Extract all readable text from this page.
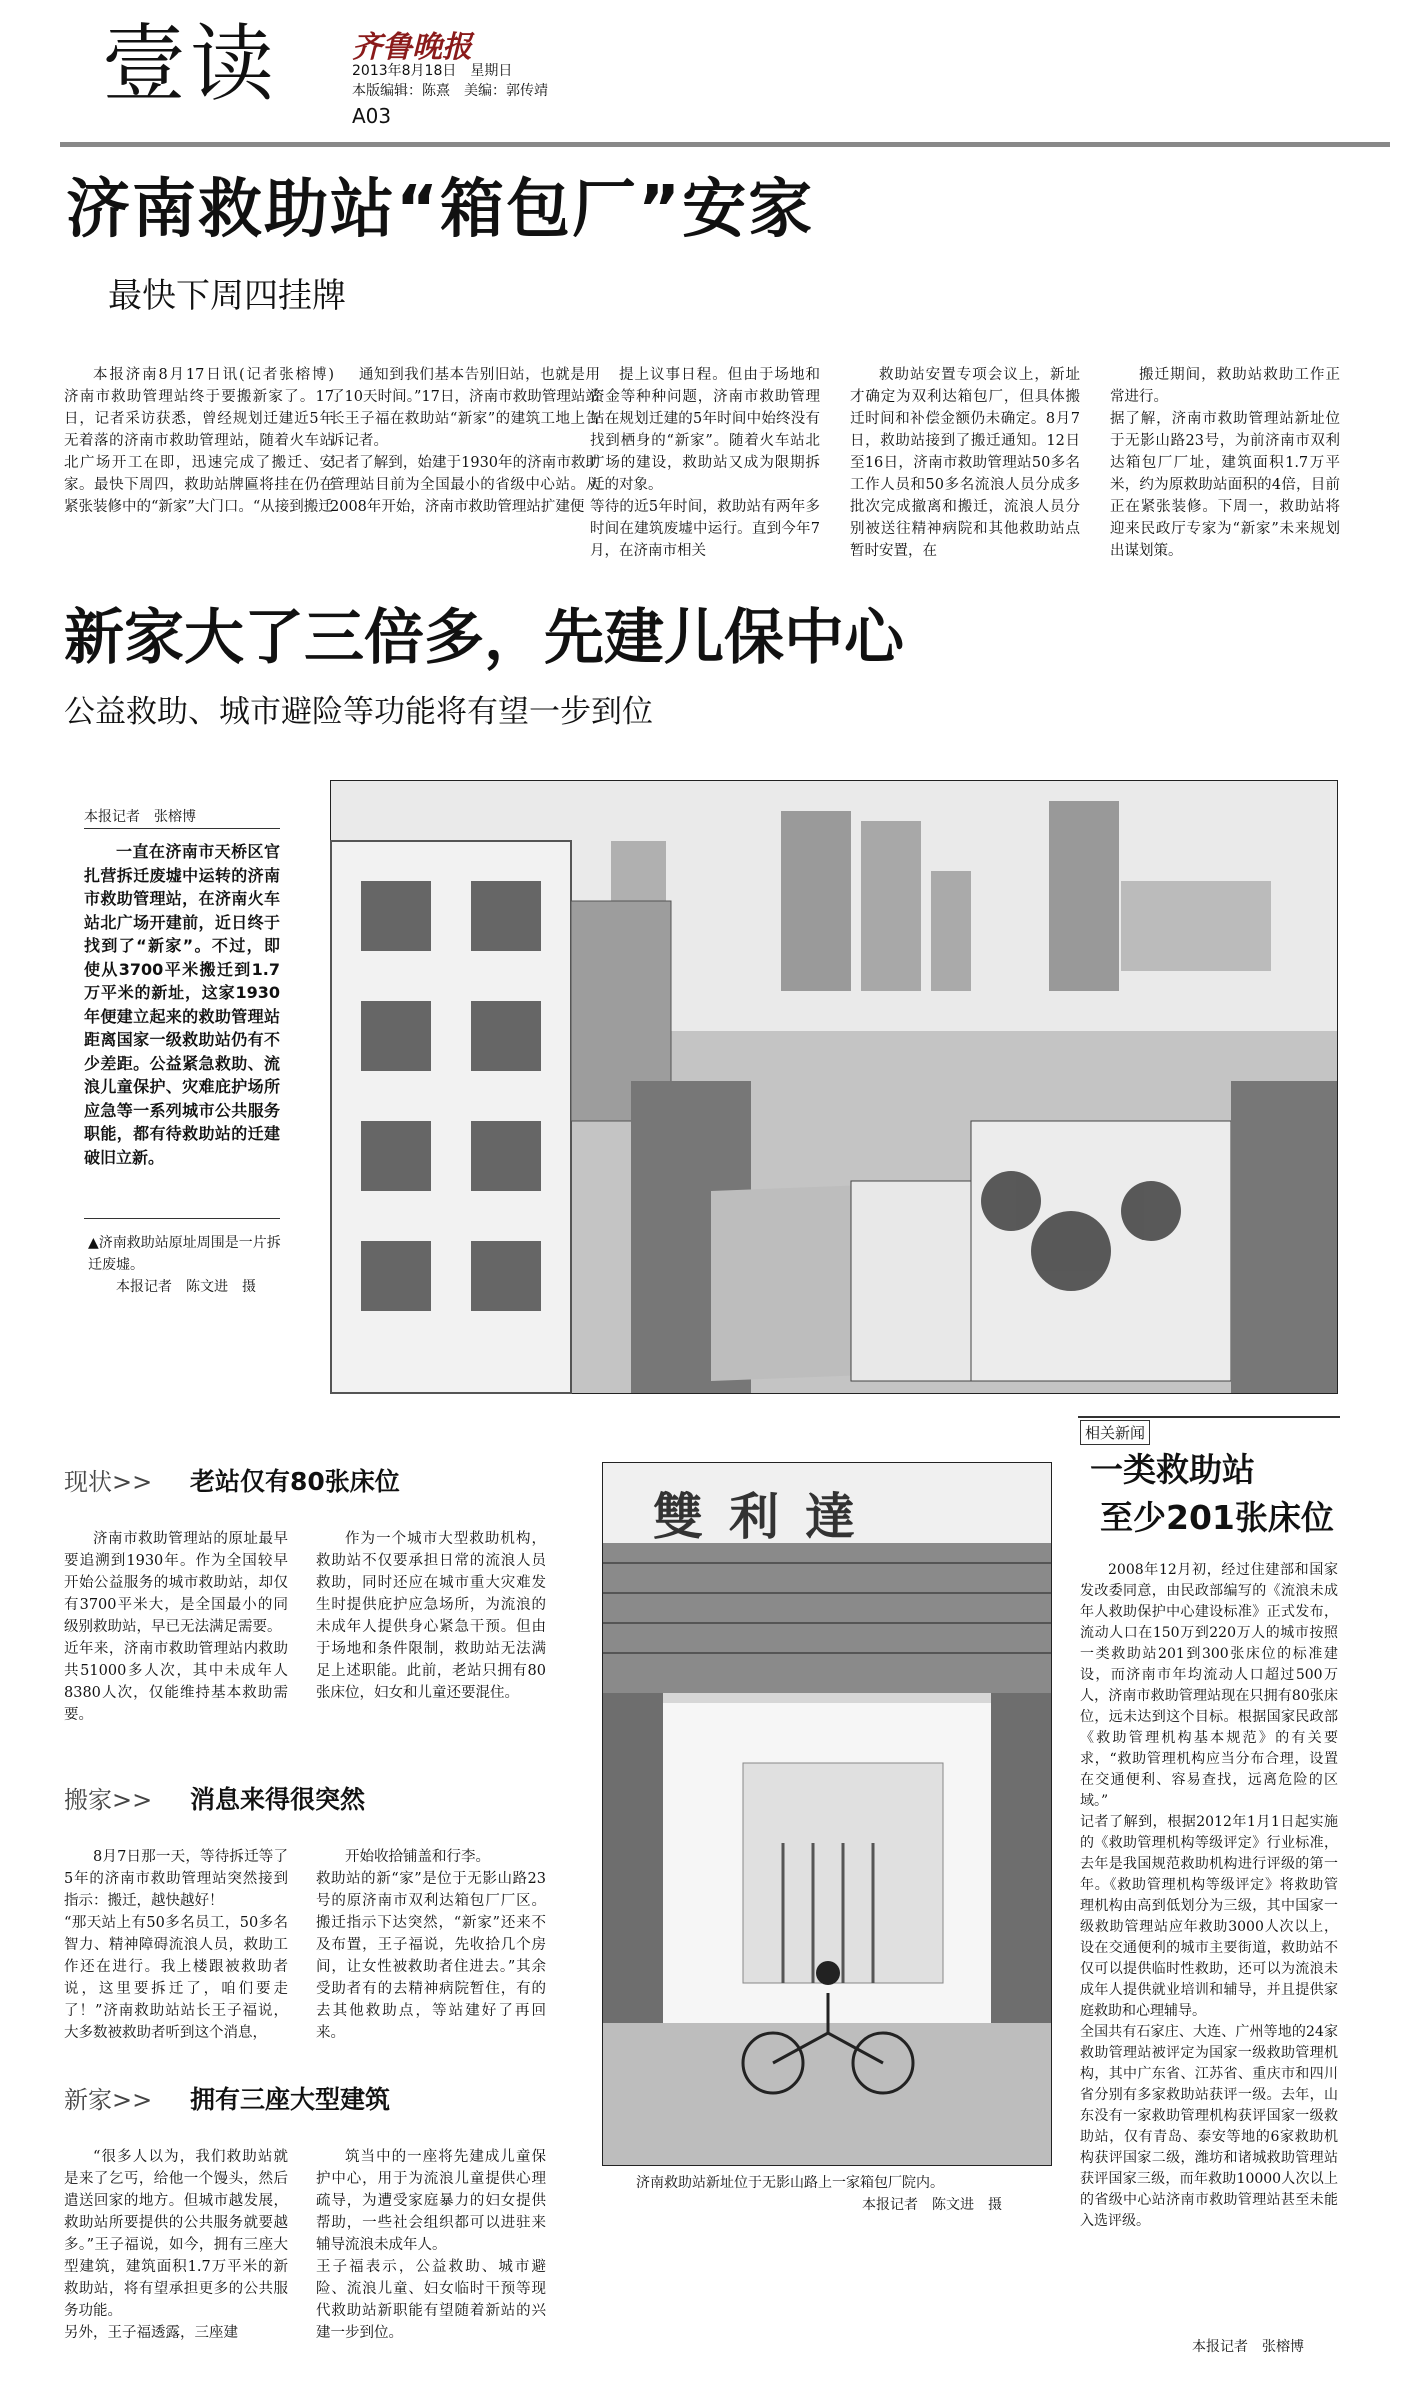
壹读 齐鲁晚报
2013年8月18日　星期日
本版编辑：陈熹　美编：郭传靖
A03
济南救助站“箱包厂”安家
最快下周四挂牌

本报济南8月17日讯(记者张榕博)　济南市救助管理站终于要搬新家了。17日，记者采访获悉，曾经规划迁建近5年无着落的济南市救助管理站，随着火车站北广场开工在即，迅速完成了搬迁、安家。最快下周四，救助站牌匾将挂在仍在紧张装修中的“新家”大门口。“从接到搬迁

通知到我们基本告别旧站，也就是用了10天时间。”17日，济南市救助管理站站长王子福在救助站“新家”的建筑工地上告诉记者。
记者了解到，始建于1930年的济南市救助管理站目前为全国最小的省级中心站。从2008年开始，济南市救助管理站扩建便

提上议事日程。但由于场地和资金等种种问题，济南市救助管理站在规划迁建的5年时间中始终没有找到栖身的“新家”。随着火车站北广场的建设，救助站又成为限期拆迁的对象。
等待的近5年时间，救助站有两年多时间在建筑废墟中运行。直到今年7月，在济南市相关

救助站安置专项会议上，新址才确定为双利达箱包厂，但具体搬迁时间和补偿金额仍未确定。8月7日，救助站接到了搬迁通知。12日至16日，济南市救助管理站50多名工作人员和50多名流浪人员分成多批次完成撤离和搬迁，流浪人员分别被送往精神病院和其他救助站点暂时安置，在

搬迁期间，救助站救助工作正常进行。
据了解，济南市救助管理站新址位于无影山路23号，为前济南市双利达箱包厂厂址，建筑面积1.7万平米，约为原救助站面积的4倍，目前正在紧张装修。下周一，救助站将迎来民政厅专家为“新家”未来规划出谋划策。

新家大了三倍多，先建儿保中心
公益救助、城市避险等功能将有望一步到位
本报记者　张榕博

一直在济南市天桥区官扎营拆迁废墟中运转的济南市救助管理站，在济南火车站北广场开建前，近日终于找到了“新家”。不过，即使从3700平米搬迁到1.7万平米的新址，这家1930年便建立起来的救助管理站距离国家一级救助站仍有不少差距。公益紧急救助、流浪儿童保护、灾难庇护场所应急等一系列城市公共服务职能，都有待救助站的迁建破旧立新。

▲济南救助站原址周围是一片拆迁废墟。
本报记者　陈文进　摄
现状>> 老站仅有80张床位

济南市救助管理站的原址最早要追溯到1930年。作为全国较早开始公益服务的城市救助站，却仅有3700平米大，是全国最小的同级别救助站，早已无法满足需要。
近年来，济南市救助管理站内救助共51000多人次，其中未成年人8380人次，仅能维持基本救助需要。

作为一个城市大型救助机构，救助站不仅要承担日常的流浪人员救助，同时还应在城市重大灾难发生时提供庇护应急场所，为流浪的未成年人提供身心紧急干预。但由于场地和条件限制，救助站无法满足上述职能。此前，老站只拥有80张床位，妇女和儿童还要混住。

搬家>> 消息来得很突然

8月7日那一天，等待拆迁等了5年的济南市救助管理站突然接到指示：搬迁，越快越好！
“那天站上有50多名员工，50多名智力、精神障碍流浪人员，救助工作还在进行。我上楼跟被救助者说，这里要拆迁了，咱们要走了！”济南救助站站长王子福说，大多数被救助者听到这个消息，

开始收拾铺盖和行李。
救助站的新“家”是位于无影山路23号的原济南市双利达箱包厂厂区。搬迁指示下达突然，“新家”还来不及布置，王子福说，先收拾几个房间，让女性被救助者住进去。”其余受助者有的去精神病院暂住，有的去其他救助点，等站建好了再回来。

新家>> 拥有三座大型建筑

“很多人以为，我们救助站就是来了乞丐，给他一个馒头，然后遣送回家的地方。但城市越发展，救助站所要提供的公共服务就要越多。”王子福说，如今，拥有三座大型建筑，建筑面积1.7万平米的新救助站，将有望承担更多的公共服务功能。
另外，王子福透露，三座建

筑当中的一座将先建成儿童保护中心，用于为流浪儿童提供心理疏导，为遭受家庭暴力的妇女提供帮助，一些社会组织都可以进驻来辅导流浪未成年人。
王子福表示，公益救助、城市避险、流浪儿童、妇女临时干预等现代救助站新职能有望随着新站的兴建一步到位。

雙利達
济南救助站新址位于无影山路上一家箱包厂院内。
本报记者　陈文进　摄
相关新闻
一类救助站
至少201张床位

2008年12月初，经过住建部和国家发改委同意，由民政部编写的《流浪未成年人救助保护中心建设标准》正式发布，流动人口在150万到220万人的城市按照一类救助站201到300张床位的标准建设，而济南市年均流动人口超过500万人，济南市救助管理站现在只拥有80张床位，远未达到这个目标。根据国家民政部《救助管理机构基本规范》的有关要求，“救助管理机构应当分布合理，设置在交通便利、容易查找，远离危险的区域。”
记者了解到，根据2012年1月1日起实施的《救助管理机构等级评定》行业标准，去年是我国规范救助机构进行评级的第一年。《救助管理机构等级评定》将救助管理机构由高到低划分为三级，其中国家一级救助管理站应年救助3000人次以上，设在交通便利的城市主要街道，救助站不仅可以提供临时性救助，还可以为流浪未成年人提供就业培训和辅导，并且提供家庭救助和心理辅导。
全国共有石家庄、大连、广州等地的24家救助管理站被评定为国家一级救助管理机构，其中广东省、江苏省、重庆市和四川省分别有多家救助站获评一级。去年，山东没有一家救助管理机构获评国家一级救助站，仅有青岛、泰安等地的6家救助机构获评国家二级，潍坊和诸城救助管理站获评国家三级，而年救助10000人次以上的省级中心站济南市救助管理站甚至未能入选评级。

本报记者　张榕博
